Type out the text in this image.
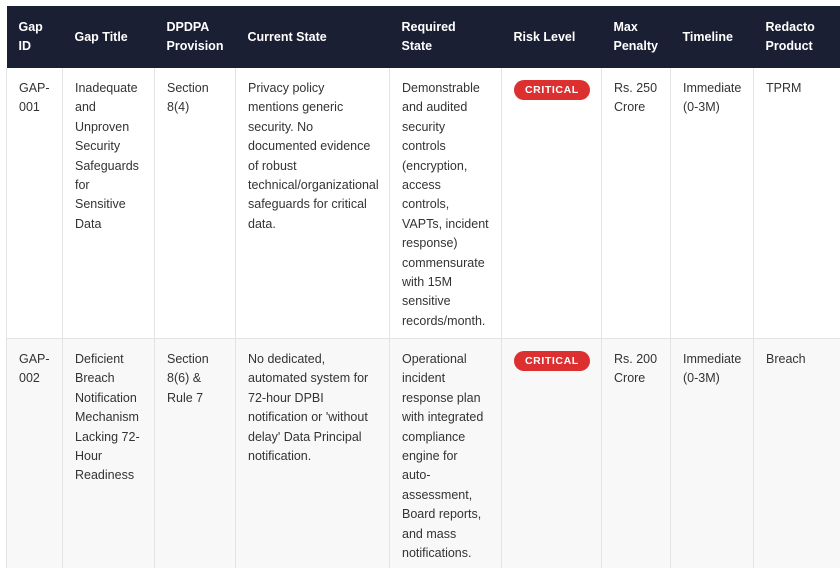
Gap ID	Gap Title	DPDPA Provision	Current State	Required State	Risk Level	Max Penalty	Timeline	Redacto Product
GAP-001	Inadequate and Unproven Security Safeguards for Sensitive Data	Section 8(4)	Privacy policy mentions generic security. No documented evidence of robust technical/organizational safeguards for critical data.	Demonstrable and audited security controls (encryption, access controls, VAPTs, incident response) commensurate with 15M sensitive records/month.	CRITICAL	Rs. 250 Crore	Immediate (0-3M)	TPRM
GAP-002	Deficient Breach Notification Mechanism Lacking 72-Hour Readiness	Section 8(6) & Rule 7	No dedicated, automated system for 72-hour DPBI notification or 'without delay' Data Principal notification.	Operational incident response plan with integrated compliance engine for auto-assessment, Board reports, and mass notifications.	CRITICAL	Rs. 200 Crore	Immediate (0-3M)	Breach
